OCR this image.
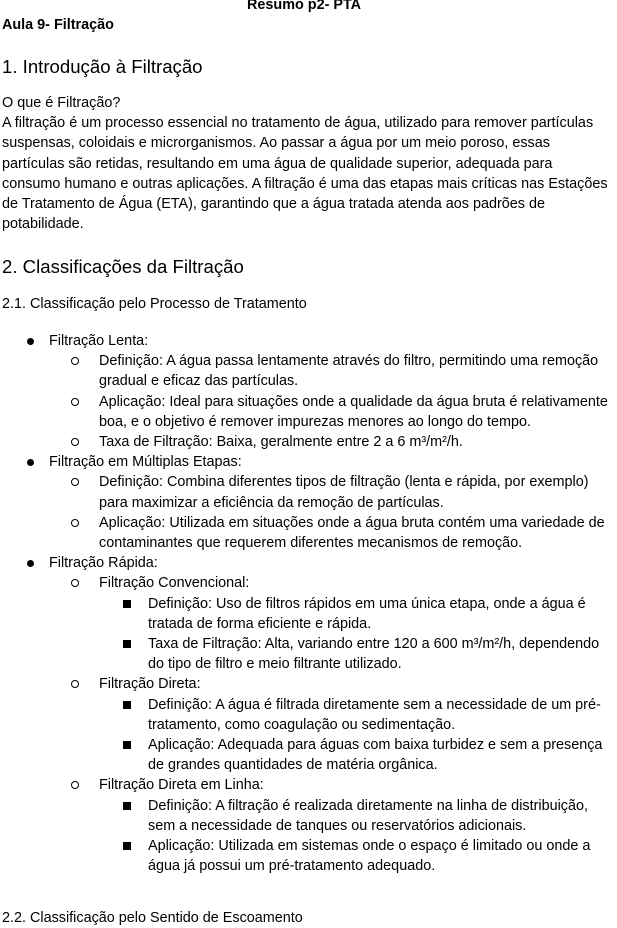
Aula 9- Filtração
Resumo p2- PTA
1. Introdução à Filtração
O que é Filtração?
A filtração é um processo essencial no tratamento de água, utilizado para remover partículas suspensas, coloidais e microrganismos. Ao passar a água por um meio poroso, essas partículas são retidas, resultando em uma água de qualidade superior, adequada para consumo humano e outras aplicações. A filtração é uma das etapas mais críticas nas Estações de Tratamento de Água (ETA), garantindo que a água tratada atenda aos padrões de potabilidade.
2. Classificações da Filtração
2.1. Classificação pelo Processo de Tratamento
Filtração Lenta:
Definição: A água passa lentamente através do filtro, permitindo uma remoção gradual e eficaz das partículas.
Aplicação: Ideal para situações onde a qualidade da água bruta é relativamente boa, e o objetivo é remover impurezas menores ao longo do tempo.
Taxa de Filtração: Baixa, geralmente entre 2 a 6 m³/m²/h.
Filtração em Múltiplas Etapas:
Definição: Combina diferentes tipos de filtração (lenta e rápida, por exemplo) para maximizar a eficiência da remoção de partículas.
Aplicação: Utilizada em situações onde a água bruta contém uma variedade de contaminantes que requerem diferentes mecanismos de remoção.
Filtração Rápida:
Filtração Convencional:
Definição: Uso de filtros rápidos em uma única etapa, onde a água é tratada de forma eficiente e rápida.
Taxa de Filtração: Alta, variando entre 120 a 600 m³/m²/h, dependendo do tipo de filtro e meio filtrante utilizado.
Filtração Direta:
Definição: A água é filtrada diretamente sem a necessidade de um pré-tratamento, como coagulação ou sedimentação.
Aplicação: Adequada para águas com baixa turbidez e sem a presença de grandes quantidades de matéria orgânica.
Filtração Direta em Linha:
Definição: A filtração é realizada diretamente na linha de distribuição, sem a necessidade de tanques ou reservatórios adicionais.
Aplicação: Utilizada em sistemas onde o espaço é limitado ou onde a água já possui um pré-tratamento adequado.
2.2. Classificação pelo Sentido de Escoamento
